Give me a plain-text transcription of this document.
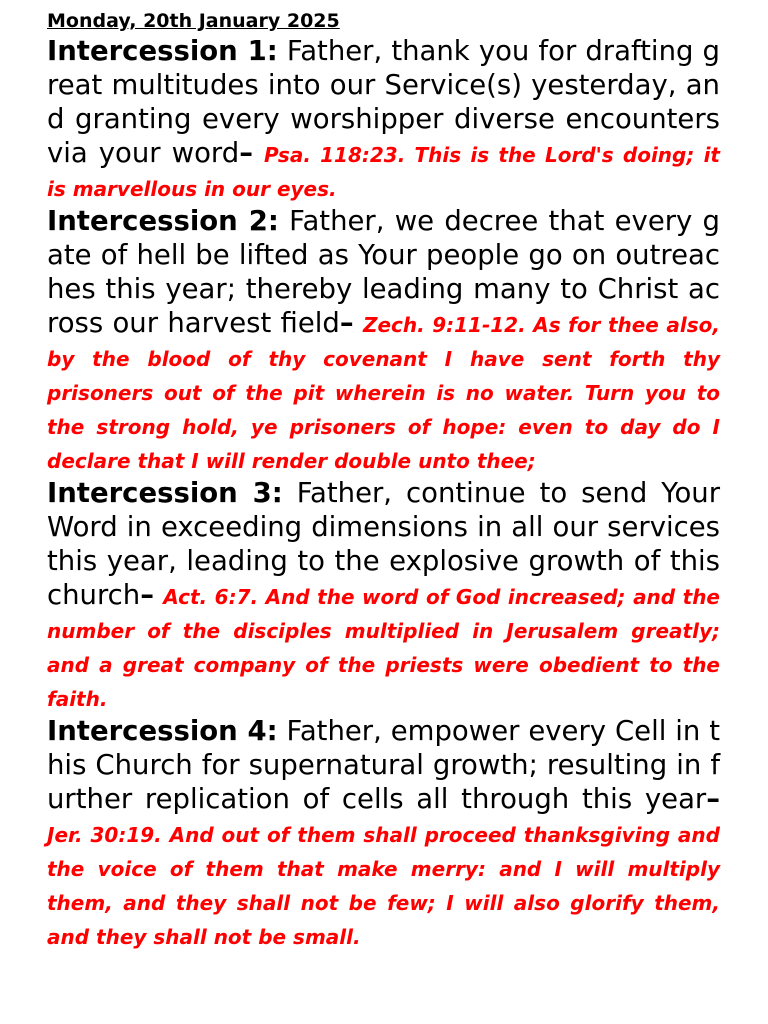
Monday, 20th January 2025

Intercession 1: Father, thank you for drafting great multitudes into our Service(s) yesterday, and granting every worshipper diverse encounters via your word– Psa. 118:23. This is the Lord's doing; it is marvellous in our eyes.

Intercession 2: Father, we decree that every gate of hell be lifted as Your people go on outreaches this year; thereby leading many to Christ across our harvest field– Zech. 9:11-12. As for thee also, by the blood of thy covenant I have sent forth thy prisoners out of the pit wherein is no water. Turn you to the strong hold, ye prisoners of hope: even to day do I declare that I will render double unto thee;

Intercession 3: Father, continue to send Your Word in exceeding dimensions in all our services this year, leading to the explosive growth of this church– Act. 6:7. And the word of God increased; and the number of the disciples multiplied in Jerusalem greatly; and a great company of the priests were obedient to the faith.

Intercession 4: Father, empower every Cell in this Church for supernatural growth; resulting in further replication of cells all through this year– Jer. 30:19. And out of them shall proceed thanksgiving and the voice of them that make merry: and I will multiply them, and they shall not be few; I will also glorify them, and they shall not be small.
